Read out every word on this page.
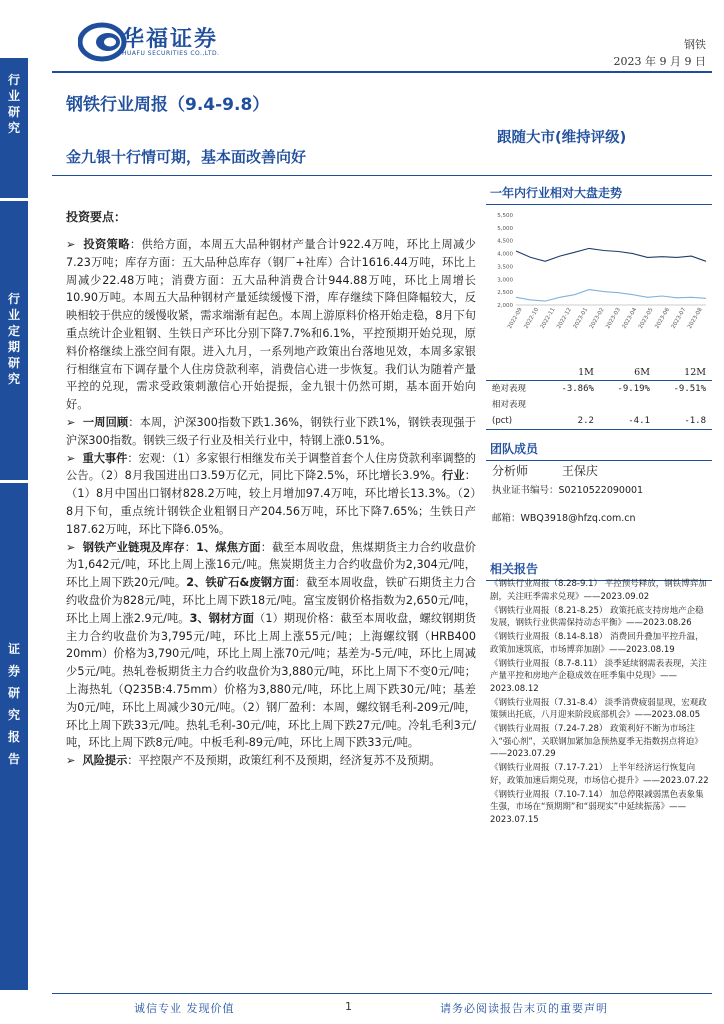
行业研究
行业定期研究
证券研究报告
华福证券
HUAFU SECURITIES CO.,LTD.
钢铁
2023 年 9 月 9 日
钢铁行业周报（9.4-9.8）
金九银十行情可期，基本面改善向好
跟随大市(维持评级)
一年内行业相对大盘走势
5,500
5,000
4,500
4,000
3,500
3,000
2,500
2,000
2022-09 2022-10 2022-11 2022-12 2023-01 2023-02 2023-03 2023-04 2023-05 2023-06 2023-07 2023-08
	1M	6M	12M
绝对表现	-3.86%	-9.19%	-9.51%
相对表现			
(pct)	2.2	-4.1	-1.8
团队成员
分析师	王保庆
执业证书编号：S0210522090001
邮箱：WBQ3918@hfzq.com.cn
相关报告
《钢铁行业周报（8.28-9.1） 平控预号释放，钢铁博弈加剧，关注旺季需求兑现》——2023.09.02
《钢铁行业周报（8.21-8.25） 政策托底支持房地产企稳发展，钢铁行业供需保持动态平衡》——2023.08.26
《钢铁行业周报（8.14-8.18） 消费回升叠加平控升温，政策加速筑底，市场博弈加剧》——2023.08.19
《钢铁行业周报（8.7-8.11） 淡季延续钢需表表现，关注产量平控和房地产企稳成效在旺季集中兑现》——2023.08.12
《钢铁行业周报（7.31-8.4） 淡季消费疲弱显现，宏观政策频出托底，八月迎来阶段底部机会》——2023.08.05
《钢铁行业周报（7.24-7.28） 政策利好不断为市场注入“强心剂”，关联钢加紧加急预热夏季无指数拐点将迫》——2023.07.29
《钢铁行业周报（7.17-7.21） 上半年经济运行恢复向好，政策加速后期兑现，市场信心提升》——2023.07.22
《钢铁行业周报（7.10-7.14） 加总停限减弱黑色表象集生强，市场在“预期期”和“弱现实”中延续振荡》——2023.07.15
投资要点：

➢  投资策略：供给方面，本周五大品种钢材产量合计922.4万吨，环比上周减少7.23万吨；库存方面：五大品种总库存（钢厂+社库）合计1616.44万吨，环比上周减少22.48万吨；消费方面：五大品种消费合计944.88万吨，环比上周增长10.90万吨。本周五大品种钢材产量延续缓慢下滑，库存继续下降但降幅较大，反映相较于供应的缓慢收紧，需求端渐有起色。本周上游原料价格开始走稳，8月下旬重点统计企业粗钢、生铁日产环比分别下降7.7%和6.1%，平控预期开始兑现，原料价格继续上涨空间有限。进入九月，一系列地产政策出台落地见效，本周多家银行相继宣布下调存量个人住房贷款利率，消费信心进一步恢复。我们认为随着产量平控的兑现，需求受政策刺激信心开始提振，金九银十仍然可期，基本面开始向好。

➢  一周回顾：本周，沪深300指数下跌1.36%，钢铁行业下跌1%，钢铁表现强于沪深300指数。钢铁三级子行业及相关行业中，特钢上涨0.51%。

➢  重大事件：宏观：（1）多家银行相继发布关于调整首套个人住房贷款利率调整的公告。（2）8月我国进出口3.59万亿元，同比下降2.5%，环比增长3.9%。行业：（1）8月中国出口钢材828.2万吨，较上月增加97.4万吨，环比增长13.3%。（2）8月下旬，重点统计钢铁企业粗钢日产204.56万吨，环比下降7.65%；生铁日产187.62万吨，环比下降6.05%。

➢  钢铁产业链現及库存：1、煤焦方面：截至本周收盘，焦煤期货主力合约收盘价为1,642元/吨，环比上周上涨16元/吨。焦炭期货主力合约收盘价为2,304元/吨，环比上周下跌20元/吨。2、铁矿石&废钢方面：截至本周收盘，铁矿石期货主力合约收盘价为828元/吨，环比上周下跌18元/吨。富宝废钢价格指数为2,650元/吨，环比上周上涨2.9元/吨。3、钢材方面（1）期现价格：截至本周收盘，螺纹钢期货主力合约收盘价为3,795元/吨，环比上周上涨55元/吨；上海螺纹钢（HRB400 20mm）价格为3,790元/吨，环比上周上涨70元/吨；基差为-5元/吨，环比上周减少5元/吨。热轧卷板期货主力合约收盘价为3,880元/吨，环比上周下不变0元/吨；上海热轧（Q235B:4.75mm）价格为3,880元/吨，环比上周下跌30元/吨；基差为0元/吨，环比上周减少30元/吨。（2）钢厂盈利：本周，螺纹钢毛利-209元/吨，环比上周下跌33元/吨。热轧毛利-30元/吨，环比上周下跌27元/吨。冷轧毛利3元/吨，环比上周下跌8元/吨。中板毛利-89元/吨，环比上周下跌33元/吨。

➢  风险提示：平控限产不及预期，政策红利不及预期，经济复苏不及预期。

诚信专业 发现价值	1	请务必阅读报告末页的重要声明
